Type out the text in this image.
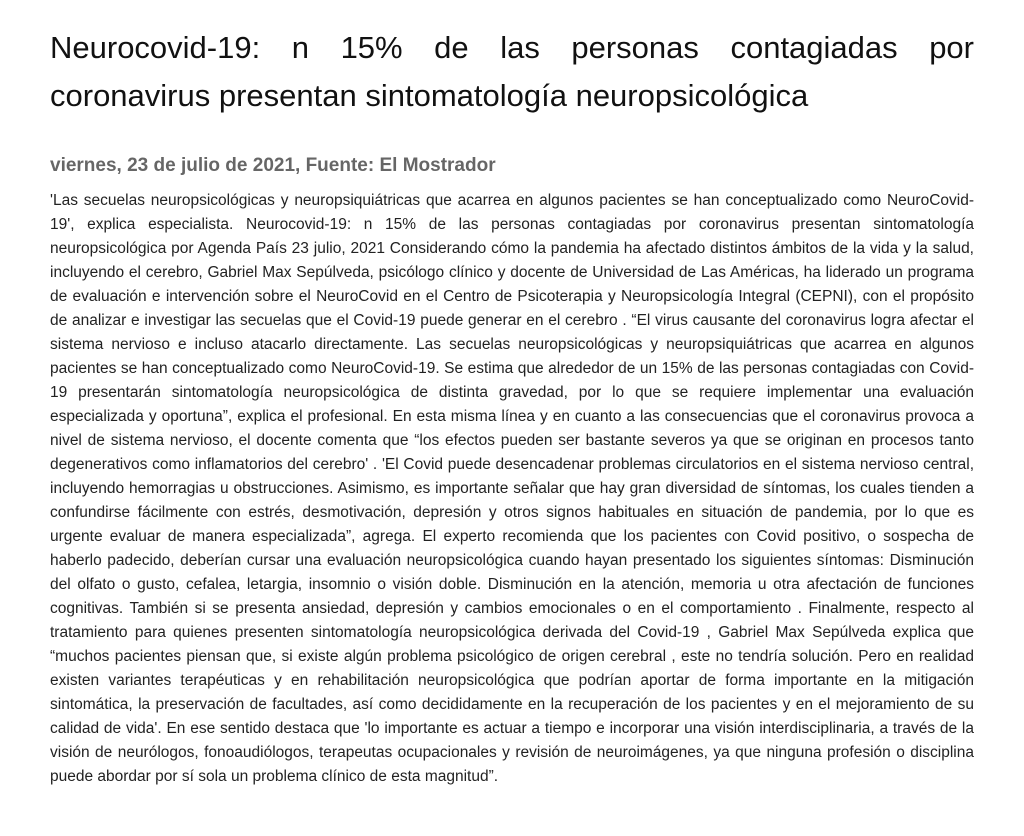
Neurocovid-19: n 15% de las personas contagiadas por coronavirus presentan sintomatología neuropsicológica
viernes, 23 de julio de 2021, Fuente: El Mostrador

'Las secuelas neuropsicológicas y neuropsiquiátricas que acarrea en algunos pacientes se han conceptualizado como NeuroCovid-19', explica especialista. Neurocovid-19: n 15% de las personas contagiadas por coronavirus presentan sintomatología neuropsicológica por Agenda País 23 julio, 2021 Considerando cómo la pandemia ha afectado distintos ámbitos de la vida y la salud, incluyendo el cerebro, Gabriel Max Sepúlveda, psicólogo clínico y docente de Universidad de Las Américas, ha liderado un programa de evaluación e intervención sobre el NeuroCovid en el Centro de Psicoterapia y Neuropsicología Integral (CEPNI), con el propósito de analizar e investigar las secuelas que el Covid-19 puede generar en el cerebro . “El virus causante del coronavirus logra afectar el sistema nervioso e incluso atacarlo directamente. Las secuelas neuropsicológicas y neuropsiquiátricas que acarrea en algunos pacientes se han conceptualizado como NeuroCovid-19. Se estima que alrededor de un 15% de las personas contagiadas con Covid-19 presentarán sintomatología neuropsicológica de distinta gravedad, por lo que se requiere implementar una evaluación especializada y oportuna”, explica el profesional. En esta misma línea y en cuanto a las consecuencias que el coronavirus provoca a nivel de sistema nervioso, el docente comenta que “los efectos pueden ser bastante severos ya que se originan en procesos tanto degenerativos como inflamatorios del cerebro' . 'El Covid puede desencadenar problemas circulatorios en el sistema nervioso central, incluyendo hemorragias u obstrucciones. Asimismo, es importante señalar que hay gran diversidad de síntomas, los cuales tienden a confundirse fácilmente con estrés, desmotivación, depresión y otros signos habituales en situación de pandemia, por lo que es urgente evaluar de manera especializada”, agrega. El experto recomienda que los pacientes con Covid positivo, o sospecha de haberlo padecido, deberían cursar una evaluación neuropsicológica cuando hayan presentado los siguientes síntomas: Disminución del olfato o gusto, cefalea, letargia, insomnio o visión doble. Disminución en la atención, memoria u otra afectación de funciones cognitivas. También si se presenta ansiedad, depresión y cambios emocionales o en el comportamiento . Finalmente, respecto al tratamiento para quienes presenten sintomatología neuropsicológica derivada del Covid-19 , Gabriel Max Sepúlveda explica que “muchos pacientes piensan que, si existe algún problema psicológico de origen cerebral , este no tendría solución. Pero en realidad existen variantes terapéuticas y en rehabilitación neuropsicológica que podrían aportar de forma importante en la mitigación sintomática, la preservación de facultades, así como decididamente en la recuperación de los pacientes y en el mejoramiento de su calidad de vida'. En ese sentido destaca que 'lo importante es actuar a tiempo e incorporar una visión interdisciplinaria, a través de la visión de neurólogos, fonoaudiólogos, terapeutas ocupacionales y revisión de neuroimágenes, ya que ninguna profesión o disciplina puede abordar por sí sola un problema clínico de esta magnitud”.
